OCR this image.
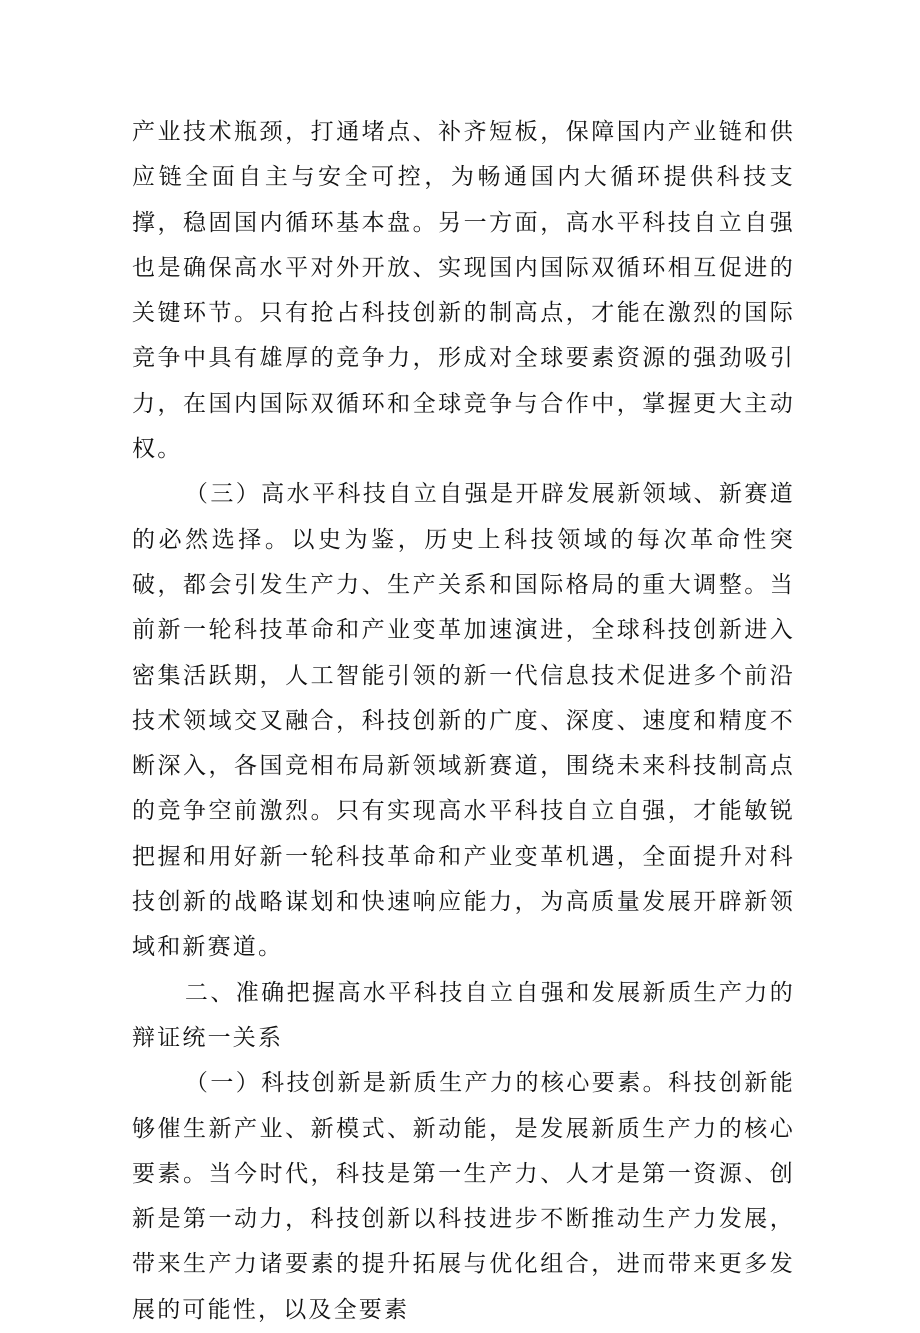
产业技术瓶颈，打通堵点、补齐短板，保障国内产业链和供应链全面自主与安全可控，为畅通国内大循环提供科技支撑，稳固国内循环基本盘。另一方面，高水平科技自立自强也是确保高水平对外开放、实现国内国际双循环相互促进的关键环节。只有抢占科技创新的制高点，才能在激烈的国际竞争中具有雄厚的竞争力，形成对全球要素资源的强劲吸引力，在国内国际双循环和全球竞争与合作中，掌握更大主动权。

（三）高水平科技自立自强是开辟发展新领域、新赛道的必然选择。以史为鉴，历史上科技领域的每次革命性突破，都会引发生产力、生产关系和国际格局的重大调整。当前新一轮科技革命和产业变革加速演进，全球科技创新进入密集活跃期，人工智能引领的新一代信息技术促进多个前沿技术领域交叉融合，科技创新的广度、深度、速度和精度不断深入，各国竞相布局新领域新赛道，围绕未来科技制高点的竞争空前激烈。只有实现高水平科技自立自强，才能敏锐把握和用好新一轮科技革命和产业变革机遇，全面提升对科技创新的战略谋划和快速响应能力，为高质量发展开辟新领域和新赛道。

二、准确把握高水平科技自立自强和发展新质生产力的辩证统一关系

（一）科技创新是新质生产力的核心要素。科技创新能够催生新产业、新模式、新动能，是发展新质生产力的核心要素。当今时代，科技是第一生产力、人才是第一资源、创新是第一动力，科技创新以科技进步不断推动生产力发展，带来生产力诸要素的提升拓展与优化组合，进而带来更多发展的可能性，以及全要素
